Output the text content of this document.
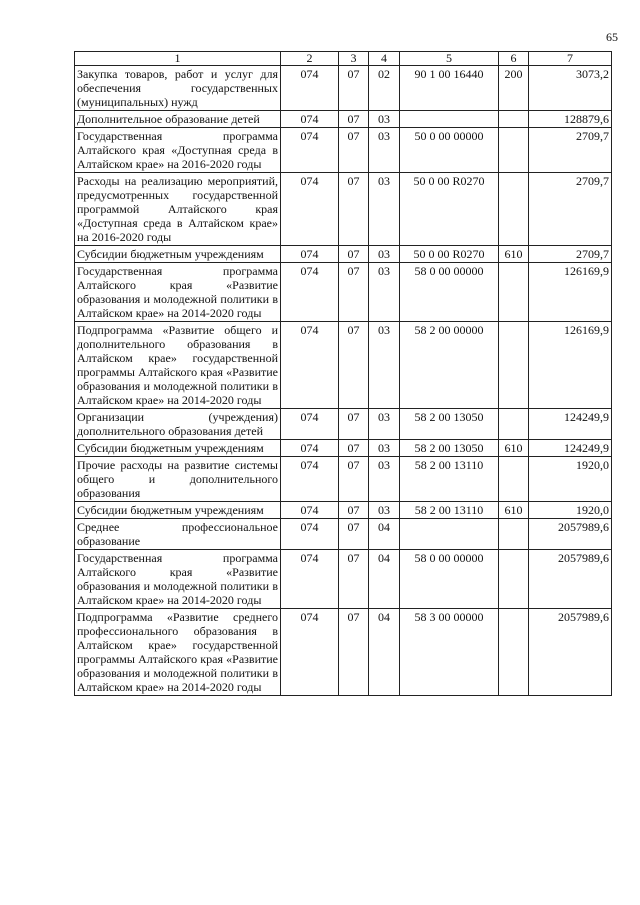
65
1	2	3	4	5	6	7
Закупка товаров, работ и услуг для обеспечения государственных (муниципальных) нужд	074	07	02	90 1 00 16440	200	3073,2
Дополнительное образование детей	074	07	03			128879,6
Государственная программа Алтайского края «Доступная среда в Алтайском крае» на 2016-2020 годы	074	07	03	50 0 00 00000		2709,7
Расходы на реализацию мероприятий, предусмотренных государственной программой Алтайского края «Доступная среда в Алтайском крае» на 2016-2020 годы	074	07	03	50 0 00 R0270		2709,7
Субсидии бюджетным учреждениям	074	07	03	50 0 00 R0270	610	2709,7
Государственная программа Алтайского края «Развитие образования и молодежной политики в Алтайском крае» на 2014-2020 годы	074	07	03	58 0 00 00000		126169,9
Подпрограмма «Развитие общего и дополнительного образования в Алтайском крае» государственной программы Алтайского края «Развитие образования и молодежной политики в Алтайском крае» на 2014-2020 годы	074	07	03	58 2 00 00000		126169,9
Организации (учреждения) дополнительного образования детей	074	07	03	58 2 00 13050		124249,9
Субсидии бюджетным учреждениям	074	07	03	58 2 00 13050	610	124249,9
Прочие расходы на развитие системы общего и дополнительного образования	074	07	03	58 2 00 13110		1920,0
Субсидии бюджетным учреждениям	074	07	03	58 2 00 13110	610	1920,0
Среднее профессиональное образование	074	07	04			2057989,6
Государственная программа Алтайского края «Развитие образования и молодежной политики в Алтайском крае» на 2014-2020 годы	074	07	04	58 0 00 00000		2057989,6
Подпрограмма «Развитие среднего профессионального образования в Алтайском крае» государственной программы Алтайского края «Развитие образования и молодежной политики в Алтайском крае» на 2014-2020 годы	074	07	04	58 3 00 00000		2057989,6
